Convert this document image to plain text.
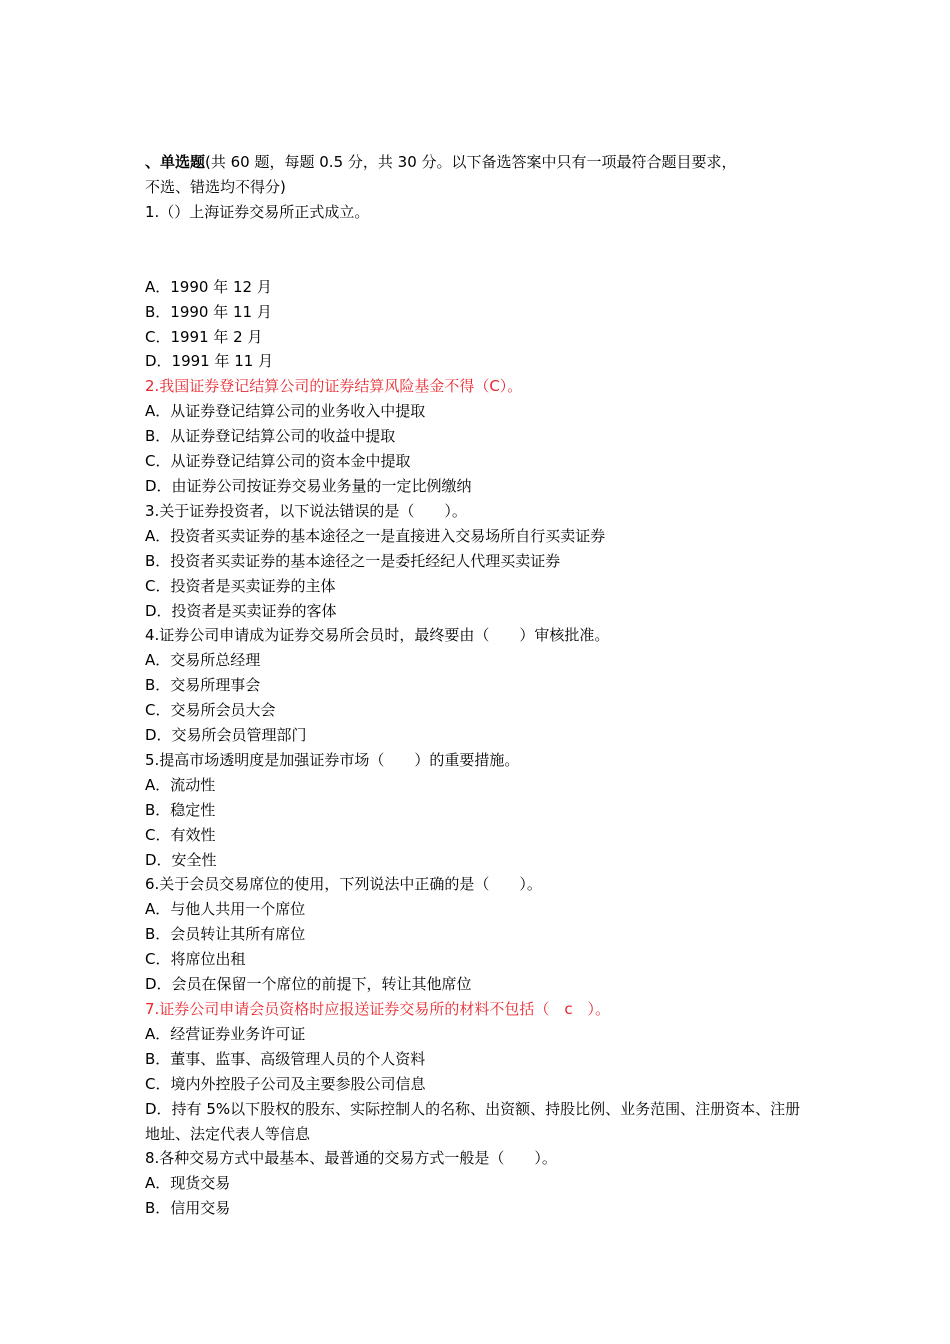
、单选题(共 60 题，每题 0.5 分，共 30 分。以下备选答案中只有一项最符合题目要求，
不选、错选均不得分)
1.（）上海证券交易所正式成立。
A．1990 年 12 月
B．1990 年 11 月
C．1991 年 2 月
D．1991 年 11 月
2.我国证券登记结算公司的证券结算风险基金不得（C）。
A．从证券登记结算公司的业务收入中提取
B．从证券登记结算公司的收益中提取
C．从证券登记结算公司的资本金中提取
D．由证券公司按证券交易业务量的一定比例缴纳
3.关于证券投资者，以下说法错误的是（　　）。
A．投资者买卖证券的基本途径之一是直接进入交易场所自行买卖证券
B．投资者买卖证券的基本途径之一是委托经纪人代理买卖证券
C．投资者是买卖证券的主体
D．投资者是买卖证券的客体
4.证券公司申请成为证券交易所会员时，最终要由（　　）审核批准。
A．交易所总经理
B．交易所理事会
C．交易所会员大会
D．交易所会员管理部门
5.提高市场透明度是加强证券市场（　　）的重要措施。
A．流动性
B．稳定性
C．有效性
D．安全性
6.关于会员交易席位的使用，下列说法中正确的是（　　）。
A．与他人共用一个席位
B．会员转让其所有席位
C．将席位出租
D．会员在保留一个席位的前提下，转让其他席位
7.证券公司申请会员资格时应报送证券交易所的材料不包括（　c　）。
A．经营证券业务许可证
B．董事、监事、高级管理人员的个人资料
C．境内外控股子公司及主要参股公司信息
D．持有 5%以下股权的股东、实际控制人的名称、出资额、持股比例、业务范围、注册资本、注册地址、法定代表人等信息
8.各种交易方式中最基本、最普通的交易方式一般是（　　）。
A．现货交易
B．信用交易
